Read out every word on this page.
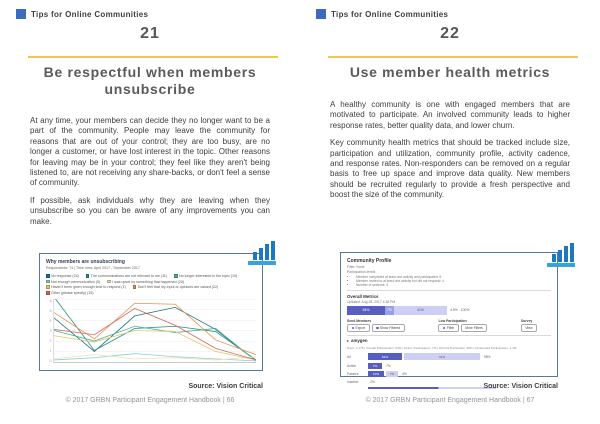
Tips for Online Communities
21
Be respectful when members unsubscribe

At any time, your members can decide they no longer want to be a part of the community. People may leave the community for reasons that are out of your control; they are too busy, are no longer a customer, or have lost interest in the topic. Other reasons for leaving may be in your control; they feel like they aren't being listened to, are not receiving any share-backs, or don't feel a sense of community.

If possible, ask individuals why they are leaving when they unsubscribe so you can be aware of any improvements you can make.

Why members are unsubscribing
Respondents: 74 | Time view: April 2017 - September 2017
No response (24)	The communications are not relevant to me (11)	No longer interested in the topic (19)
Not enough communication (5)	I was upset by something that happened (20)
Haven't been given enough time to respond (1)	Don't feel that my input or opinions are valued (22)
Other (please specify) (15)
6
5
4
3
2
1
0
Source: Vision Critical
© 2017 GRBN Participant Engagement Handbook | 66
Tips for Online Communities
22
Use member health metrics

A healthy community is one with engaged members that are motivated to participate. An involved community leads to higher response rates, better quality data, and lower churn.

Key community health metrics that should be tracked include size, participation and utilization, community profile, activity cadence, and response rates. Non-responders can be removed on a regular basis to free up space and improve data quality. New members should be recruited regularly to provide a fresh perspective and boost the size of the community.

Community Profile
Filter: None
Participation levels
• Member completed at least one activity and participated: 5
• Member invited to at least one activity but did not respond: 4
• Number of sections: 3
Overall Metrics
Updated: Aug 28, 2017 4:38 PM
54%	7%	41%	4.5% 100%
Send Members
Export	Show Filtered
Low Participation
Filter	More Filters
Survey
View
▸ amygen
Days: 2,175 | Overall Participation: 54% | Active Participation: 7% | Did Not Participate: 38% | Undecided Participation: 1.1%
All	54%	41%	98%
Active	7%	7%
Passive	10%	7%	4%
Inactive	2%
Source: Vision Critical
© 2017 GRBN Participant Engagement Handbook | 67
